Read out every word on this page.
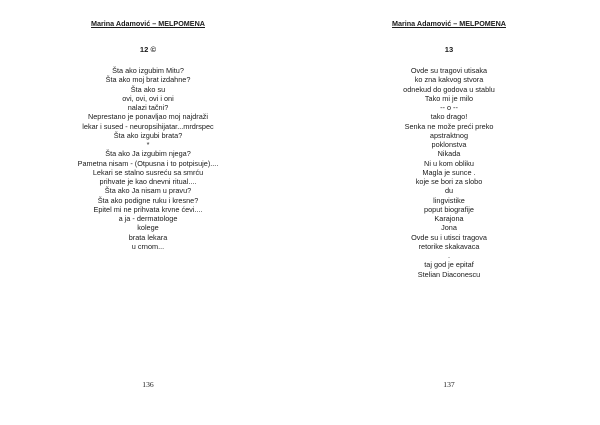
Marina Adamović – MELPOMENA
12 ©
Šta ako izgubim Mitu?
Šta ako moj brat izdahne?
Šta ako su
ovi, ovi, ovi i oni
nalazi tačni?
Neprestano je ponavljao moj najdraži
lekar i sused - neuropsihijatar...mrdrspec
Šta ako izgubi brata?
*
Šta ako Ja izgubim njega?
Pametna nisam - (Otpusna i to potpisuje)....
Lekari se stalno susreću sa smrću
prihvate je kao dnevni ritual....
Šta ako Ja nisam u pravu?
Šta ako podigne ruku i kresne?
Epitel mi ne prihvata krvne ćevi....
a ja - dermatologe
kolege
brata lekara
u crnom...
136
Marina Adamović – MELPOMENA
13
Ovde su tragovi utisaka
ko zna kakvog stvora
odnekud do godova u stablu
Tako mi je milo
-- o --
tako drago!
Senka ne može preći preko
apstraktnog
poklonstva
Nikada
Ni u kom obliku
Magla je sunce .
koje se bori za slobo
du
lingvistike
poput biografije
Karajona
Jona
Ovde su i utisci tragova
retorike skakavaca
.
taj god je epitaf
Stelian Diaconescu
137
